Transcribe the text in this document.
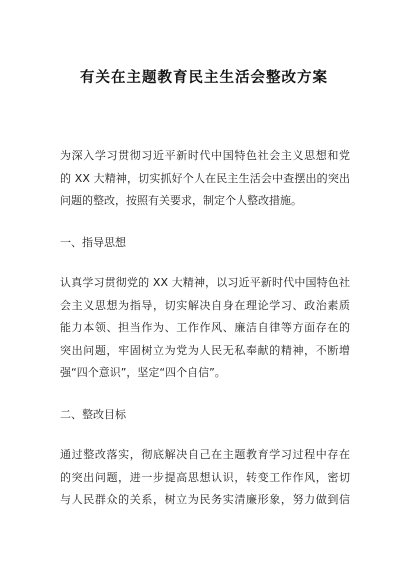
有关在主题教育民主生活会整改方案
为深入学习贯彻习近平新时代中国特色社会主义思想和党
的 XX 大精神，切实抓好个人在民主生活会中查摆出的突出
问题的整改，按照有关要求，制定个人整改措施。
一、指导思想
认真学习贯彻党的 XX 大精神，以习近平新时代中国特色社
会主义思想为指导，切实解决自身在理论学习、政治素质
能力本领、担当作为、工作作风、廉洁自律等方面存在的
突出问题，牢固树立为党为人民无私奉献的精神，不断增
强“四个意识”，坚定“四个自信”。
二、整改目标
通过整改落实，彻底解决自己在主题教育学习过程中存在
的突出问题，进一步提高思想认识，转变工作作风，密切
与人民群众的关系，树立为民务实清廉形象，努力做到信
